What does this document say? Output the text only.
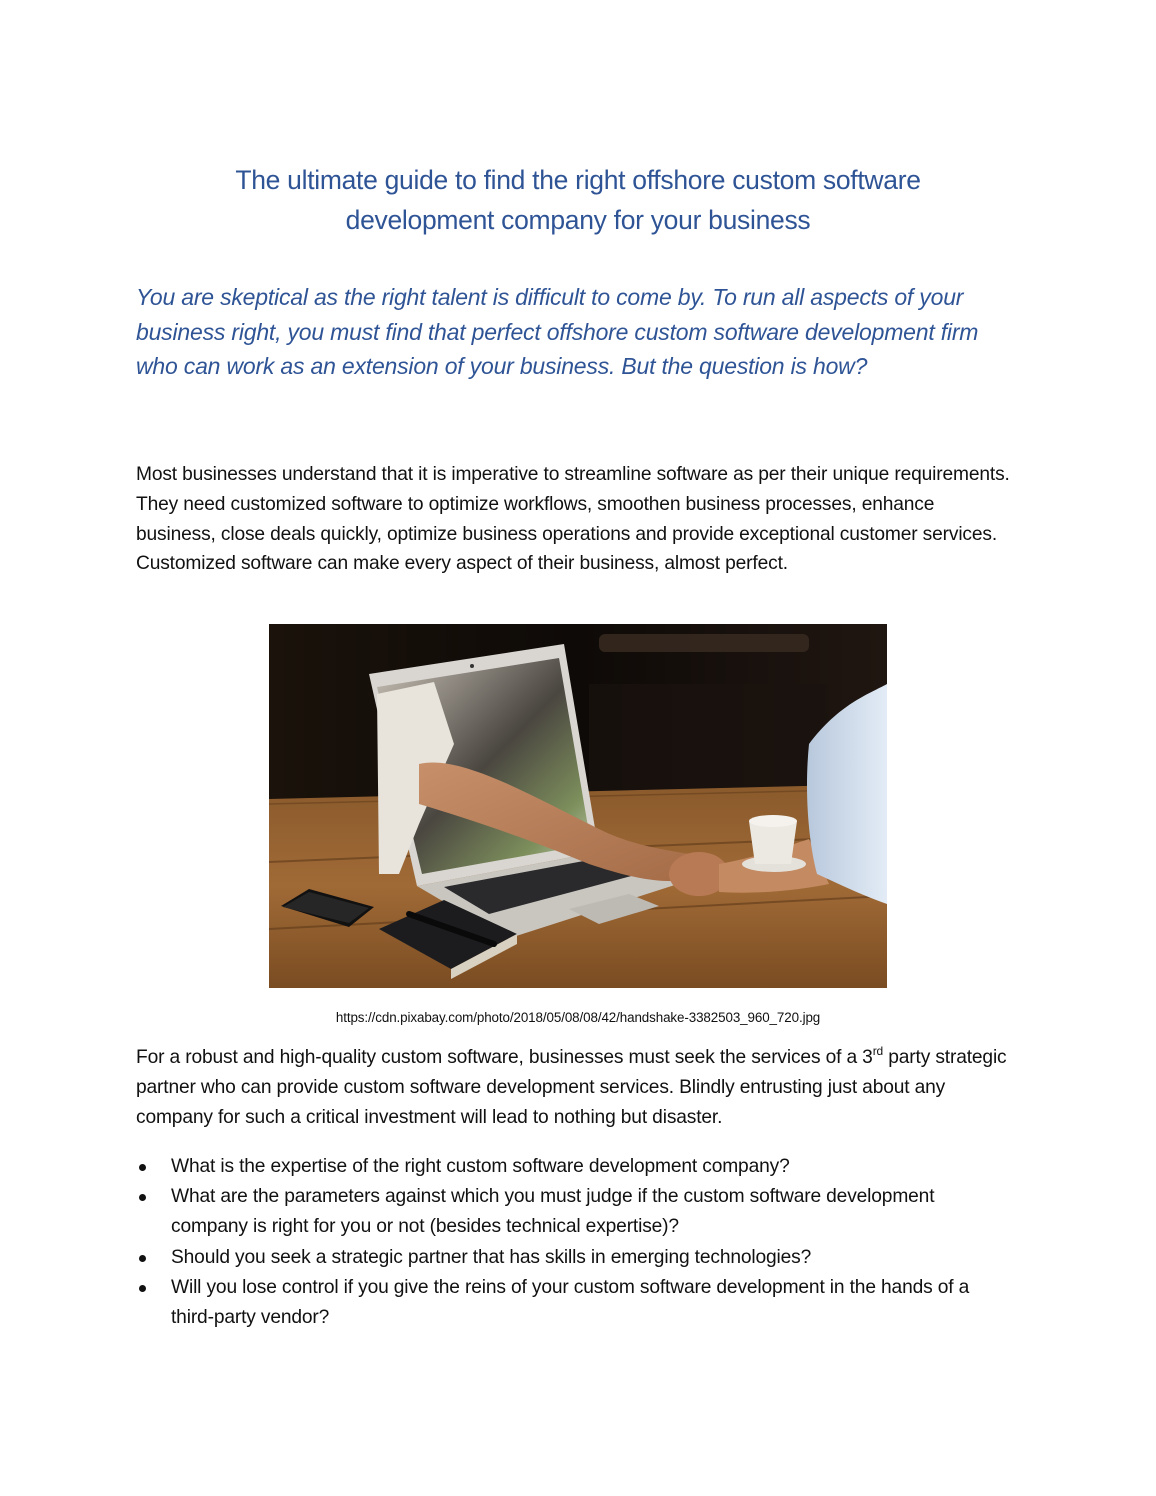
The ultimate guide to find the right offshore custom software
development company for your business

You are skeptical as the right talent is difficult to come by. To run all aspects of your business right, you must find that perfect offshore custom software development firm who can work as an extension of your business. But the question is how?

Most businesses understand that it is imperative to streamline software as per their unique requirements. They need customized software to optimize workflows, smoothen business processes, enhance business, close deals quickly, optimize business operations and provide exceptional customer services. Customized software can make every aspect of their business, almost perfect.

https://cdn.pixabay.com/photo/2018/05/08/08/42/handshake-3382503_960_720.jpg

For a robust and high-quality custom software, businesses must seek the services of a 3rd party strategic partner who can provide custom software development services. Blindly entrusting just about any company for such a critical investment will lead to nothing but disaster.

What is the expertise of the right custom software development company?
What are the parameters against which you must judge if the custom software development company is right for you or not (besides technical expertise)?
Should you seek a strategic partner that has skills in emerging technologies?
Will you lose control if you give the reins of your custom software development in the hands of a third-party vendor?
